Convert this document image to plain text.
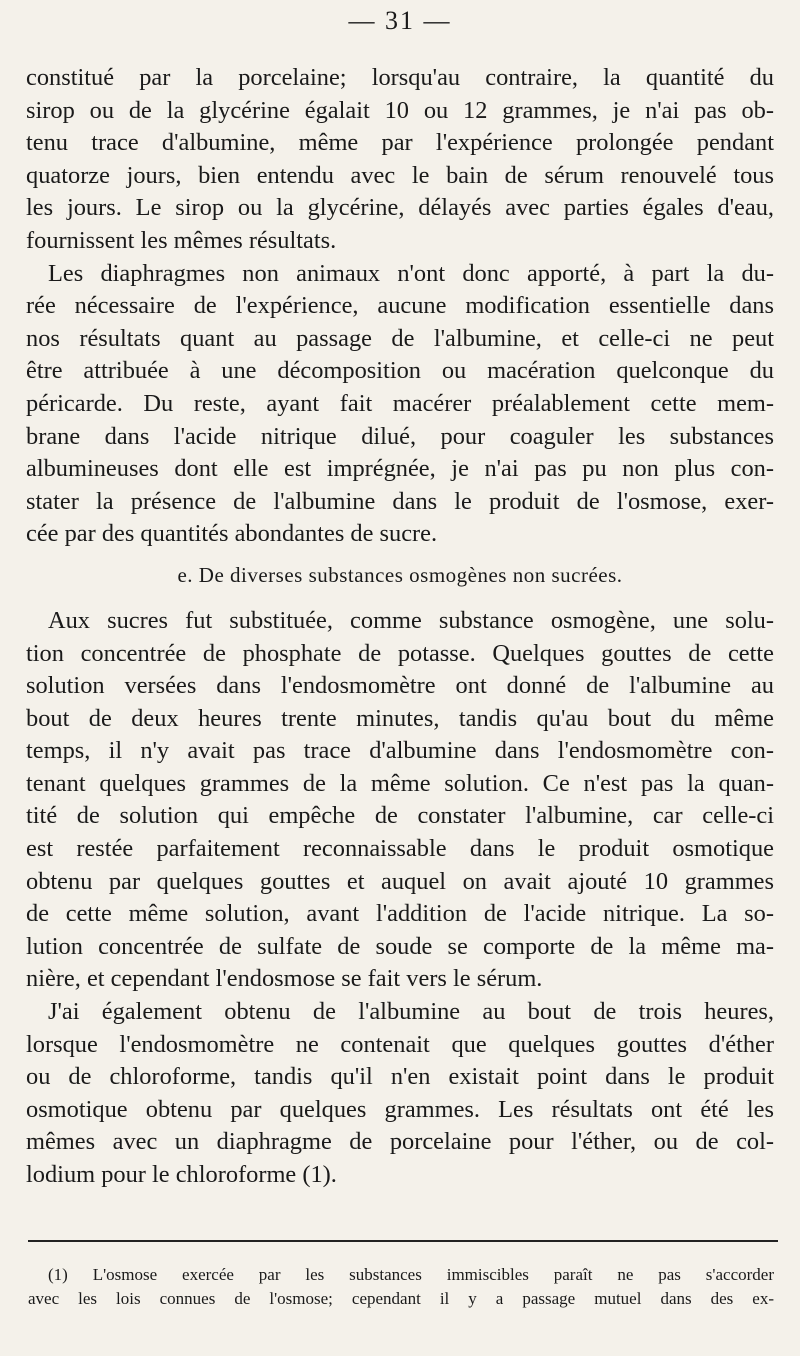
— 31 —
constitué par la porcelaine; lorsqu'au contraire, la quantité du
sirop ou de la glycérine égalait 10 ou 12 grammes, je n'ai pas ob-
tenu trace d'albumine, même par l'expérience prolongée pendant
quatorze jours, bien entendu avec le bain de sérum renouvelé tous
les jours. Le sirop ou la glycérine, délayés avec parties égales d'eau,
fournissent les mêmes résultats.
Les diaphragmes non animaux n'ont donc apporté, à part la du-
rée nécessaire de l'expérience, aucune modification essentielle dans
nos résultats quant au passage de l'albumine, et celle-ci ne peut
être attribuée à une décomposition ou macération quelconque du
péricarde. Du reste, ayant fait macérer préalablement cette mem-
brane dans l'acide nitrique dilué, pour coaguler les substances
albumineuses dont elle est imprégnée, je n'ai pas pu non plus con-
stater la présence de l'albumine dans le produit de l'osmose, exer-
cée par des quantités abondantes de sucre.
e. De diverses substances osmogènes non sucrées.
Aux sucres fut substituée, comme substance osmogène, une solu-
tion concentrée de phosphate de potasse. Quelques gouttes de cette
solution versées dans l'endosmomètre ont donné de l'albumine au
bout de deux heures trente minutes, tandis qu'au bout du même
temps, il n'y avait pas trace d'albumine dans l'endosmomètre con-
tenant quelques grammes de la même solution. Ce n'est pas la quan-
tité de solution qui empêche de constater l'albumine, car celle-ci
est restée parfaitement reconnaissable dans le produit osmotique
obtenu par quelques gouttes et auquel on avait ajouté 10 grammes
de cette même solution, avant l'addition de l'acide nitrique. La so-
lution concentrée de sulfate de soude se comporte de la même ma-
nière, et cependant l'endosmose se fait vers le sérum.
J'ai également obtenu de l'albumine au bout de trois heures,
lorsque l'endosmomètre ne contenait que quelques gouttes d'éther
ou de chloroforme, tandis qu'il n'en existait point dans le produit
osmotique obtenu par quelques grammes. Les résultats ont été les
mêmes avec un diaphragme de porcelaine pour l'éther, ou de col-
lodium pour le chloroforme (1).
(1) L'osmose exercée par les substances immiscibles paraît ne pas s'accorder
avec les lois connues de l'osmose; cependant il y a passage mutuel dans des ex-
